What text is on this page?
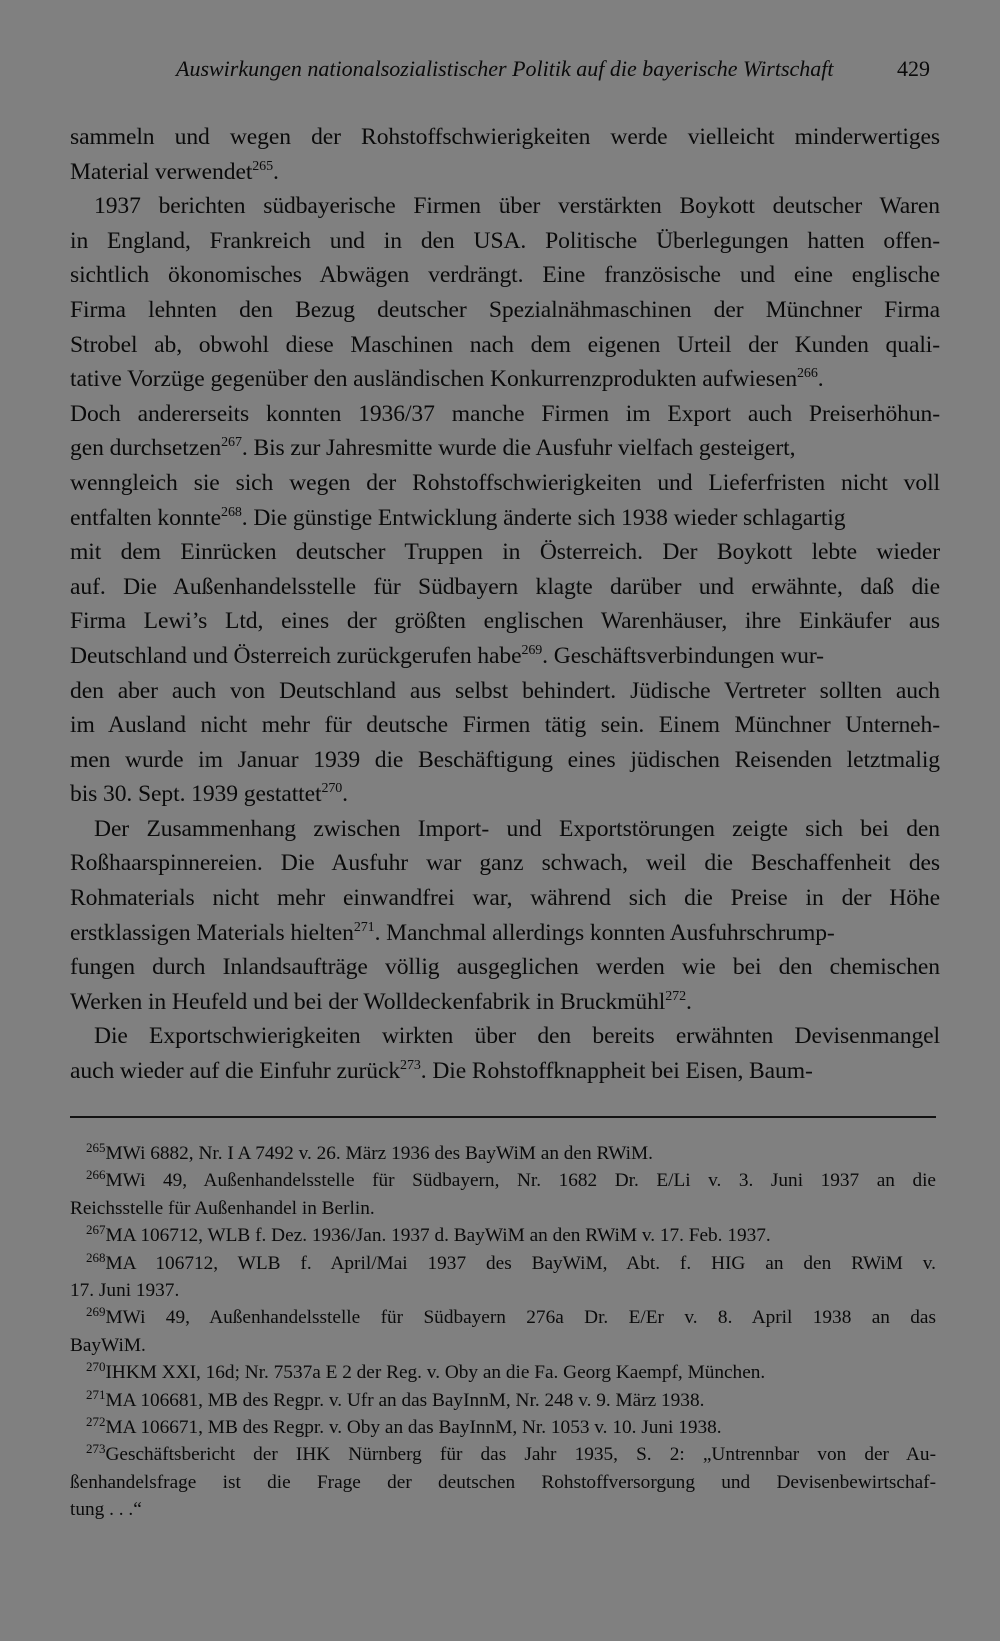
Auswirkungen nationalsozialistischer Politik auf die bayerische Wirtschaft	429
sammeln und wegen der Rohstoffschwierigkeiten werde vielleicht minderwertiges
Material verwendet$^{265}$.
1937 berichten südbayerische Firmen über verstärkten Boykott deutscher Waren
in England, Frankreich und in den USA. Politische Überlegungen hatten offen-
sichtlich ökonomisches Abwägen verdrängt. Eine französische und eine englische
Firma lehnten den Bezug deutscher Spezialnähmaschinen der Münchner Firma
Strobel ab, obwohl diese Maschinen nach dem eigenen Urteil der Kunden quali-
tative Vorzüge gegenüber den ausländischen Konkurrenzprodukten aufwiesen$^{266}$.
Doch andererseits konnten 1936/37 manche Firmen im Export auch Preiserhöhun-
gen durchsetzen$^{267}$. Bis zur Jahresmitte wurde die Ausfuhr vielfach gesteigert,
wenngleich sie sich wegen der Rohstoffschwierigkeiten und Lieferfristen nicht voll
entfalten konnte$^{268}$. Die günstige Entwicklung änderte sich 1938 wieder schlagartig
mit dem Einrücken deutscher Truppen in Österreich. Der Boykott lebte wieder
auf. Die Außenhandelsstelle für Südbayern klagte darüber und erwähnte, daß die
Firma Lewi’s Ltd, eines der größten englischen Warenhäuser, ihre Einkäufer aus
Deutschland und Österreich zurückgerufen habe$^{269}$. Geschäftsverbindungen wur-
den aber auch von Deutschland aus selbst behindert. Jüdische Vertreter sollten auch
im Ausland nicht mehr für deutsche Firmen tätig sein. Einem Münchner Unterneh-
men wurde im Januar 1939 die Beschäftigung eines jüdischen Reisenden letztmalig
bis 30. Sept. 1939 gestattet$^{270}$.
Der Zusammenhang zwischen Import- und Exportstörungen zeigte sich bei den
Roßhaarspinnereien. Die Ausfuhr war ganz schwach, weil die Beschaffenheit des
Rohmaterials nicht mehr einwandfrei war, während sich die Preise in der Höhe
erstklassigen Materials hielten$^{271}$. Manchmal allerdings konnten Ausfuhrschrump-
fungen durch Inlandsaufträge völlig ausgeglichen werden wie bei den chemischen
Werken in Heufeld und bei der Wolldeckenfabrik in Bruckmühl$^{272}$.
Die Exportschwierigkeiten wirkten über den bereits erwähnten Devisenmangel
auch wieder auf die Einfuhr zurück$^{273}$. Die Rohstoffknappheit bei Eisen, Baum-
$^{265}$MWi 6882, Nr. I A 7492 v. 26. März 1936 des BayWiM an den RWiM.
$^{266}$MWi 49, Außenhandelsstelle für Südbayern, Nr. 1682 Dr. E/Li v. 3. Juni 1937 an die
Reichsstelle für Außenhandel in Berlin.
$^{267}$MA 106712, WLB f. Dez. 1936/Jan. 1937 d. BayWiM an den RWiM v. 17. Feb. 1937.
$^{268}$MA 106712, WLB f. April/Mai 1937 des BayWiM, Abt. f. HIG an den RWiM v.
17. Juni 1937.
$^{269}$MWi 49, Außenhandelsstelle für Südbayern 276a Dr. E/Er v. 8. April 1938 an das
BayWiM.
$^{270}$IHKM XXI, 16d; Nr. 7537a E 2 der Reg. v. Oby an die Fa. Georg Kaempf, München.
$^{271}$MA 106681, MB des Regpr. v. Ufr an das BayInnM, Nr. 248 v. 9. März 1938.
$^{272}$MA 106671, MB des Regpr. v. Oby an das BayInnM, Nr. 1053 v. 10. Juni 1938.
$^{273}$Geschäftsbericht der IHK Nürnberg für das Jahr 1935, S. 2: „Untrennbar von der Au-
ßenhandelsfrage ist die Frage der deutschen Rohstoffversorgung und Devisenbewirtschaf-
tung . . .“
